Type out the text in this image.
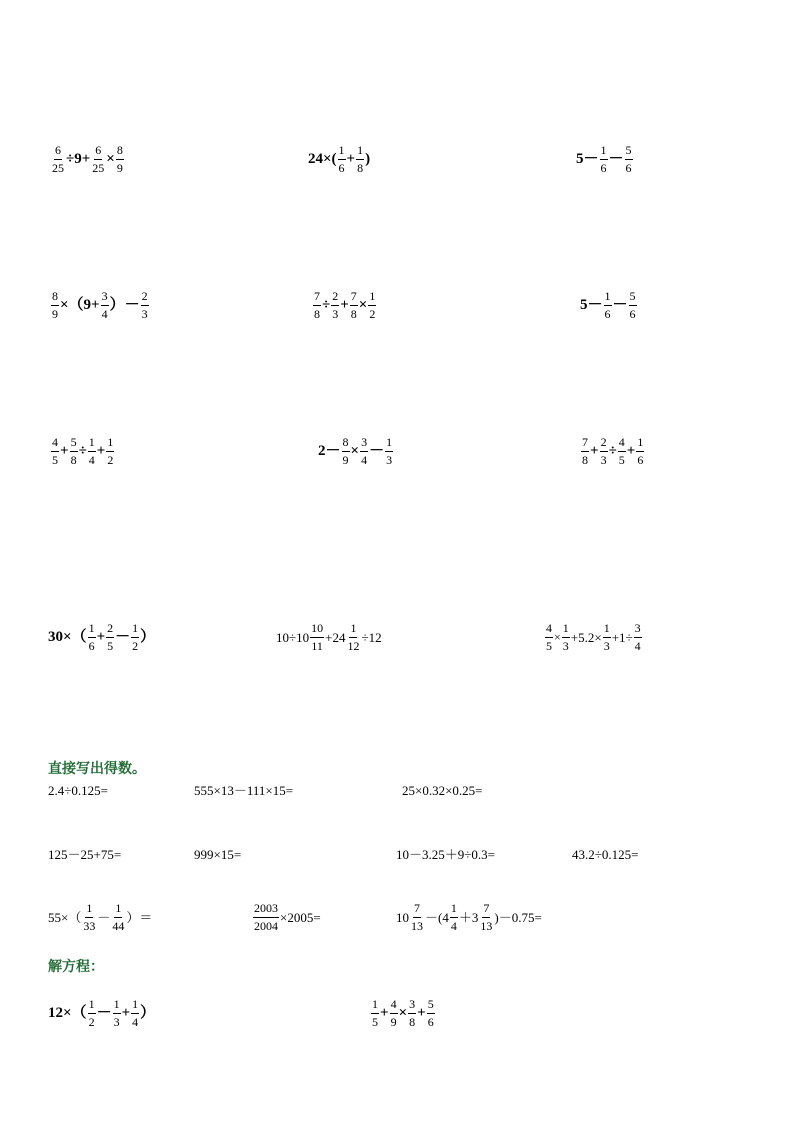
$\frac{6}{25} \div 9+ \frac{6}{25} \times \frac{8}{9}$	$24\times( \frac{1}{6} + \frac{1}{8}$ )	$5- \frac{1}{6} - \frac{5}{6}$
$\frac{8}{9} \times(9+ \frac{3}{4}$ ）－ $\frac{2}{3}$	$\frac{7}{8} \div \frac{2}{3} + \frac{7}{8} \times \frac{1}{2}$	$5- \frac{1}{6} - \frac{5}{6}$
$\frac{4}{5} + \frac{5}{8} \div \frac{1}{4} + \frac{1}{2}$	$2- \frac{8}{9} \times \frac{3}{4} - \frac{1}{3}$	$\frac{7}{8} + \frac{2}{3} \div \frac{4}{5} + \frac{1}{6}$
$30\times( \frac{1}{6} + \frac{2}{5} - \frac{1}{2}$ ）	$10\div 10 \frac{10}{11} +24 \frac{1}{12} \div 12$	$\frac{4}{5} \times \frac{1}{3} +5.2\times \frac{1}{3} +1\div \frac{3}{4}$
直接写出得数。
2.4÷0.125=	555×13－111×15=	25×0.32×0.25=
125－25+75=	999×15=	10－3.25＋9÷0.3=	43.2÷0.125=
$55\times( \frac{1}{33} - \frac{1}{44}$ ）＝	$\frac{2003}{2004} \times 2005=$	$10 \frac{7}{13} -(4 \frac{1}{4} +3 \frac{7}{13} )-0.75=$
解方程：
$12\times( \frac{1}{2} - \frac{1}{3} + \frac{1}{4}$ ）	$\frac{1}{5} + \frac{4}{9} \times \frac{3}{8} + \frac{5}{6}$
